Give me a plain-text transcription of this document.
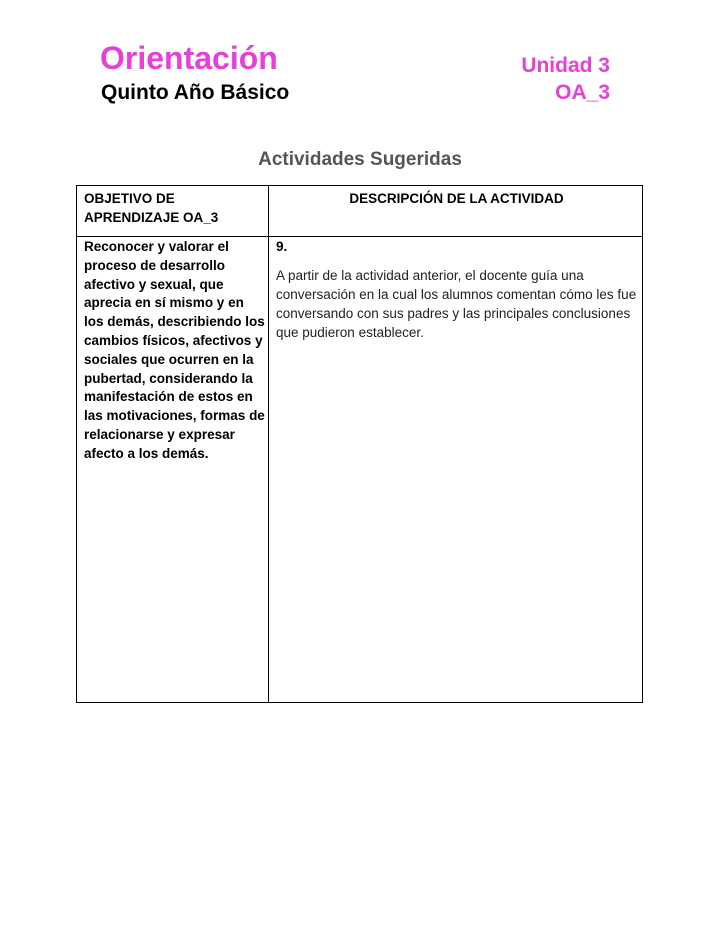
Orientación
Quinto Año Básico
Unidad 3
OA_3
Actividades Sugeridas
OBJETIVO DE APRENDIZAJE OA_3
DESCRIPCIÓN DE LA ACTIVIDAD
Reconocer y valorar el proceso de desarrollo afectivo y sexual, que aprecia en sí mismo y en los demás, describiendo los cambios físicos, afectivos y sociales que ocurren en la pubertad, considerando la manifestación de estos en las motivaciones, formas de relacionarse y expresar afecto a los demás.
9.
A partir de la actividad anterior, el docente guía una conversación en la cual los alumnos comentan cómo les fue conversando con sus padres y las principales conclusiones que pudieron establecer.
